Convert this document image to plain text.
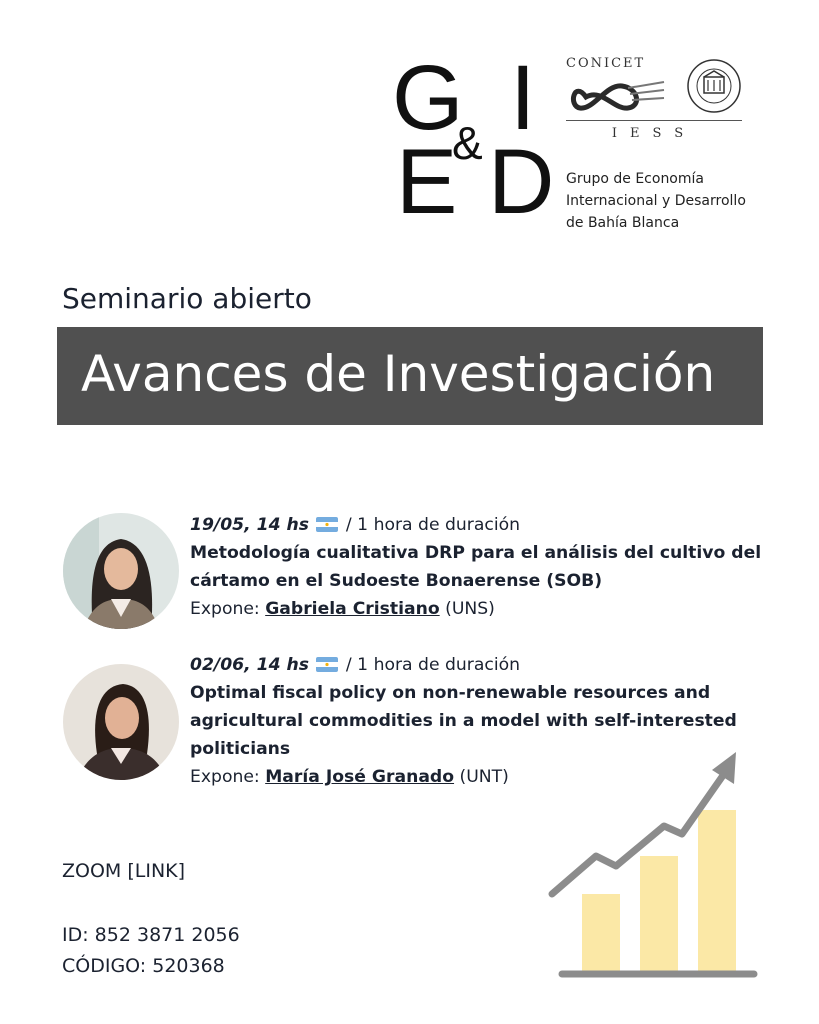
G I
E D
&
CONICET
IESS
Grupo de Economía
Internacional y Desarrollo
de Bahía Blanca
Seminario abierto
Avances de Investigación
19/05, 14 hs  / 1 hora de duración
Metodología cualitativa DRP para el análisis del cultivo del cártamo en el Sudoeste Bonaerense (SOB)
Expone: Gabriela Cristiano (UNS)
02/06, 14 hs  / 1 hora de duración
Optimal fiscal policy on non-renewable resources and agricultural commodities in a model with self-interested politicians
Expone: María José Granado (UNT)
ZOOM [LINK]
ID: 852 3871 2056
CÓDIGO: 520368
